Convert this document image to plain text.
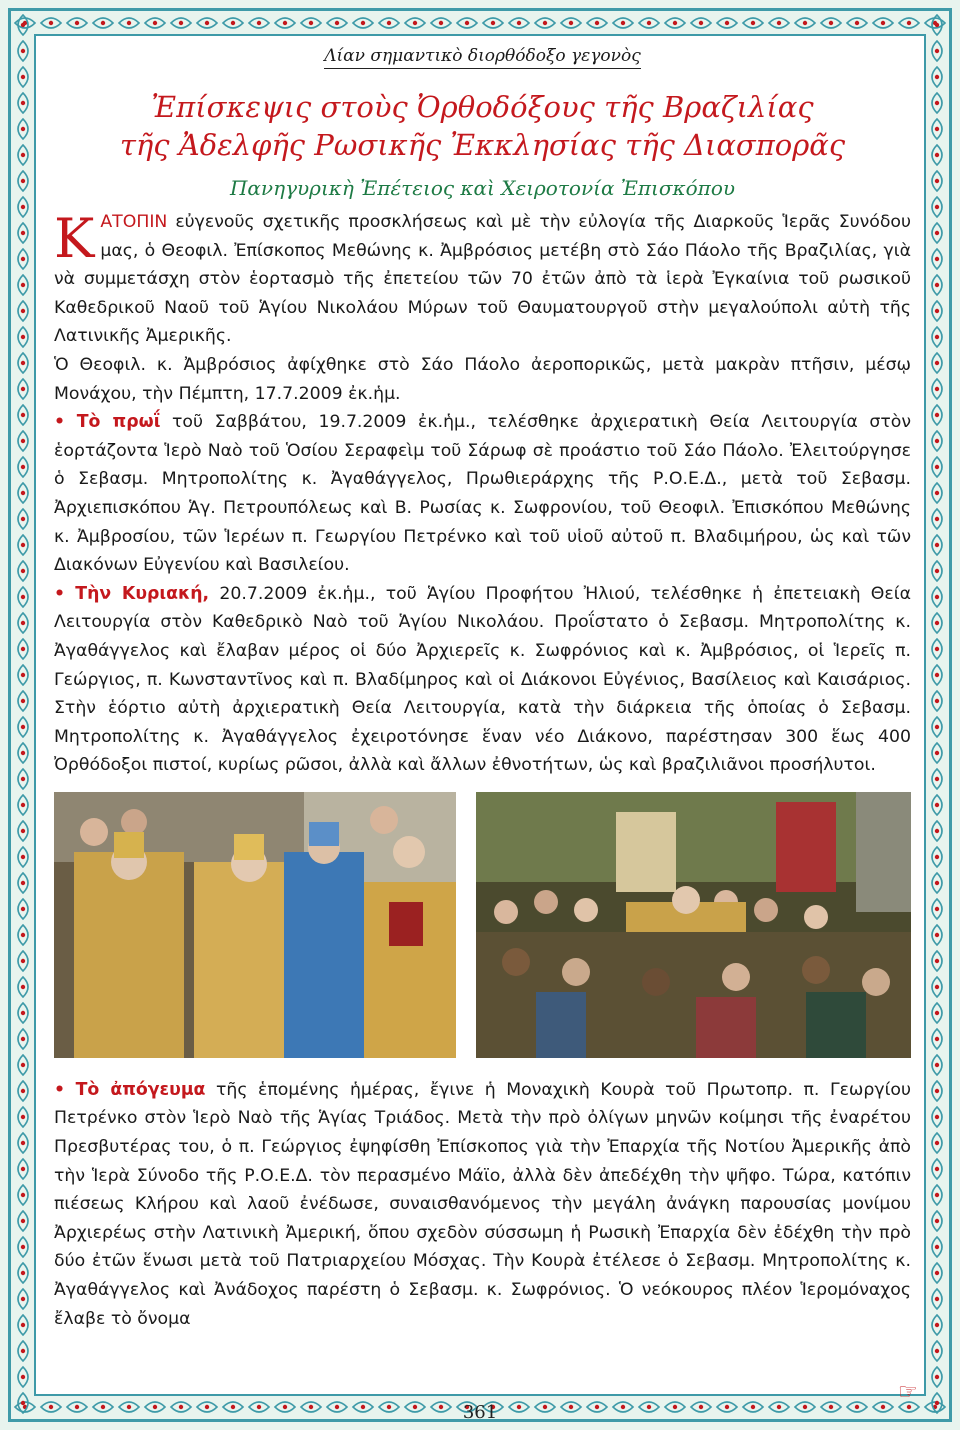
Λίαν σημαντικὸ διορθόδοξο γεγονὸς
Ἐπίσκεψις στοὺς Ὀρθοδόξους τῆς Βραζιλίας
τῆς Ἀδελφῆς Ρωσικῆς Ἐκκλησίας τῆς Διασπορᾶς
Πανηγυρικὴ Ἐπέτειος καὶ Χειροτονία Ἐπισκόπου

ΚΑΤΟΠΙΝ εὐγενοῦς σχετικῆς προσκλήσεως καὶ μὲ τὴν εὐλογία τῆς Διαρκοῦς Ἱερᾶς Συνόδου μας, ὁ Θεοφιλ. Ἐπίσκοπος Μεθώνης κ. Ἀμβρόσιος μετέβη στὸ Σάο Πάολο τῆς Βραζιλίας, γιὰ νὰ συμμετάσχη στὸν ἑορτασμὸ τῆς ἐπετείου τῶν 70 ἐτῶν ἀπὸ τὰ ἱερὰ Ἐγκαίνια τοῦ ρωσικοῦ Καθεδρικοῦ Ναοῦ τοῦ Ἁγίου Νικολάου Μύρων τοῦ Θαυματουργοῦ στὴν μεγαλούπολι αὐτὴ τῆς Λατινικῆς Ἀμερικῆς.

Ὁ Θεοφιλ. κ. Ἀμβρόσιος ἀφίχθηκε στὸ Σάο Πάολο ἀεροπορικῶς, μετὰ μακρὰν πτῆσιν, μέσῳ Μονάχου, τὴν Πέμπτη, 17.7.2009 ἐκ.ἡμ.

• Τὸ πρωΐ τοῦ Σαββάτου, 19.7.2009 ἐκ.ἡμ., τελέσθηκε ἀρχιερατικὴ Θεία Λειτουργία στὸν ἑορτάζοντα Ἱερὸ Ναὸ τοῦ Ὁσίου Σεραφεὶμ τοῦ Σάρωφ σὲ προάστιο τοῦ Σάο Πάολο. Ἐλειτούργησε ὁ Σεβασμ. Μητροπολίτης κ. Ἀγαθάγγελος, Πρωθιεράρχης τῆς Ρ.Ο.Ε.Δ., μετὰ τοῦ Σεβασμ. Ἀρχιεπισκόπου Ἁγ. Πετρουπόλεως καὶ Β. Ρωσίας κ. Σωφρονίου, τοῦ Θεοφιλ. Ἐπισκόπου Μεθώνης κ. Ἀμβροσίου, τῶν Ἱερέων π. Γεωργίου Πετρένκο καὶ τοῦ υἱοῦ αὐτοῦ π. Βλαδιμήρου, ὡς καὶ τῶν Διακόνων Εὐγενίου καὶ Βασιλείου.

• Τὴν Κυριακή, 20.7.2009 ἐκ.ἡμ., τοῦ Ἁγίου Προφήτου Ἠλιού, τελέσθηκε ἡ ἐπετειακὴ Θεία Λειτουργία στὸν Καθεδρικὸ Ναὸ τοῦ Ἁγίου Νικολάου. Προΐστατο ὁ Σεβασμ. Μητροπολίτης κ. Ἀγαθάγγελος καὶ ἔλαβαν μέρος οἱ δύο Ἀρχιερεῖς κ. Σωφρόνιος καὶ κ. Ἀμβρόσιος, οἱ Ἱερεῖς π. Γεώργιος, π. Κωνσταντῖνος καὶ π. Βλαδίμηρος καὶ οἱ Διάκονοι Εὐγένιος, Βασίλειος καὶ Καισάριος. Στὴν ἑόρτιο αὐτὴ ἀρχιερατικὴ Θεία Λειτουργία, κατὰ τὴν διάρκεια τῆς ὁποίας ὁ Σεβασμ. Μητροπολίτης κ. Ἀγαθάγγελος ἐχειροτόνησε ἕναν νέο Διάκονο, παρέστησαν 300 ἕως 400 Ὀρθόδοξοι πιστοί, κυρίως ρῶσοι, ἀλλὰ καὶ ἄλλων ἐθνοτήτων, ὡς καὶ βραζιλιᾶνοι προσήλυτοι.

• Τὸ ἀπόγευμα τῆς ἑπομένης ἡμέρας, ἔγινε ἡ Μοναχικὴ Κουρὰ τοῦ Πρωτοπρ. π. Γεωργίου Πετρένκο στὸν Ἱερὸ Ναὸ τῆς Ἁγίας Τριάδος. Μετὰ τὴν πρὸ ὀλίγων μηνῶν κοίμησι τῆς ἐναρέτου Πρεσβυτέρας του, ὁ π. Γεώργιος ἐψηφίσθη Ἐπίσκοπος γιὰ τὴν Ἐπαρχία τῆς Νοτίου Ἀμερικῆς ἀπὸ τὴν Ἱερὰ Σύνοδο τῆς Ρ.Ο.Ε.Δ. τὸν περασμένο Μάϊο, ἀλλὰ δὲν ἀπεδέχθη τὴν ψῆφο. Τώρα, κατόπιν πιέσεως Κλήρου καὶ λαοῦ ἐνέδωσε, συναισθανόμενος τὴν μεγάλη ἀνάγκη παρουσίας μονίμου Ἀρχιερέως στὴν Λατινικὴ Ἀμερική, ὅπου σχεδὸν σύσσωμη ἡ Ρωσικὴ Ἐπαρχία δὲν ἐδέχθη τὴν πρὸ δύο ἐτῶν ἕνωσι μετὰ τοῦ Πατριαρχείου Μόσχας. Τὴν Κουρὰ ἐτέλεσε ὁ Σεβασμ. Μητροπολίτης κ. Ἀγαθάγγελος καὶ Ἀνάδοχος παρέστη ὁ Σεβασμ. κ. Σωφρόνιος. Ὁ νεόκουρος πλέον Ἱερομόναχος ἔλαβε τὸ ὄνομα

☞
361
